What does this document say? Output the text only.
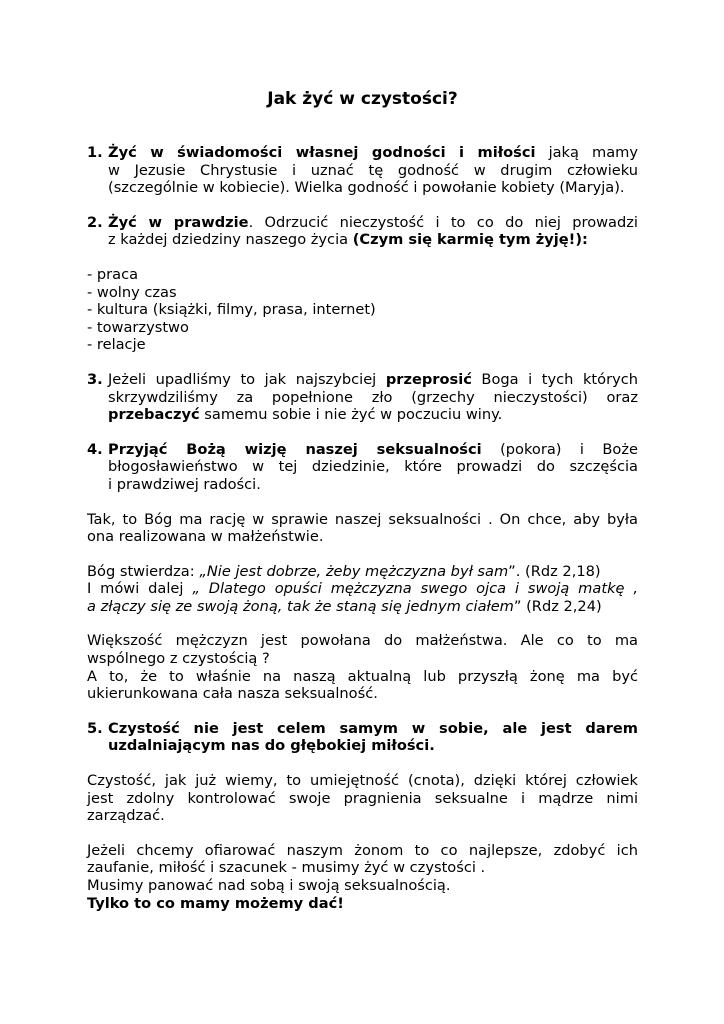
Jak żyć w czystości?
1. Żyć w świadomości własnej godności i miłości jaką mamy
w Jezusie Chrystusie i uznać tę godność w drugim człowieku
(szczególnie w kobiecie). Wielka godność i powołanie kobiety (Maryja).
2. Żyć w prawdzie. Odrzucić nieczystość i to co do niej prowadzi
z każdej dziedziny naszego życia (Czym się karmię tym żyję!):
- praca
- wolny czas
- kultura (książki, filmy, prasa, internet)
- towarzystwo
- relacje
3. Jeżeli upadliśmy to jak najszybciej przeprosić Boga i tych których
skrzywdziliśmy za popełnione zło (grzechy nieczystości) oraz
przebaczyć samemu sobie i nie żyć w poczuciu winy.
4. Przyjąć Bożą wizję naszej seksualności (pokora) i Boże
błogosławieństwo w tej dziedzinie, które prowadzi do szczęścia
i prawdziwej radości.
Tak, to Bóg ma rację w sprawie naszej seksualności . On chce, aby była
ona realizowana w małżeństwie.
Bóg stwierdza: „Nie jest dobrze, żeby mężczyzna był sam”. (Rdz 2,18)
I mówi dalej „ Dlatego opuści mężczyzna swego ojca i swoją matkę ,
a złączy się ze swoją żoną, tak że staną się jednym ciałem” (Rdz 2,24)
Większość mężczyzn jest powołana do małżeństwa. Ale co to ma
wspólnego z czystością ?
A to, że to właśnie na naszą aktualną lub przyszłą żonę ma być
ukierunkowana cała nasza seksualność.
5. Czystość nie jest celem samym w sobie, ale jest darem
uzdalniającym nas do głębokiej miłości.
Czystość, jak już wiemy, to umiejętność (cnota), dzięki której człowiek
jest zdolny kontrolować swoje pragnienia seksualne i mądrze nimi
zarządzać.
Jeżeli chcemy ofiarować naszym żonom to co najlepsze, zdobyć ich
zaufanie, miłość i szacunek - musimy żyć w czystości .
Musimy panować nad sobą i swoją seksualnością.
Tylko to co mamy możemy dać!
